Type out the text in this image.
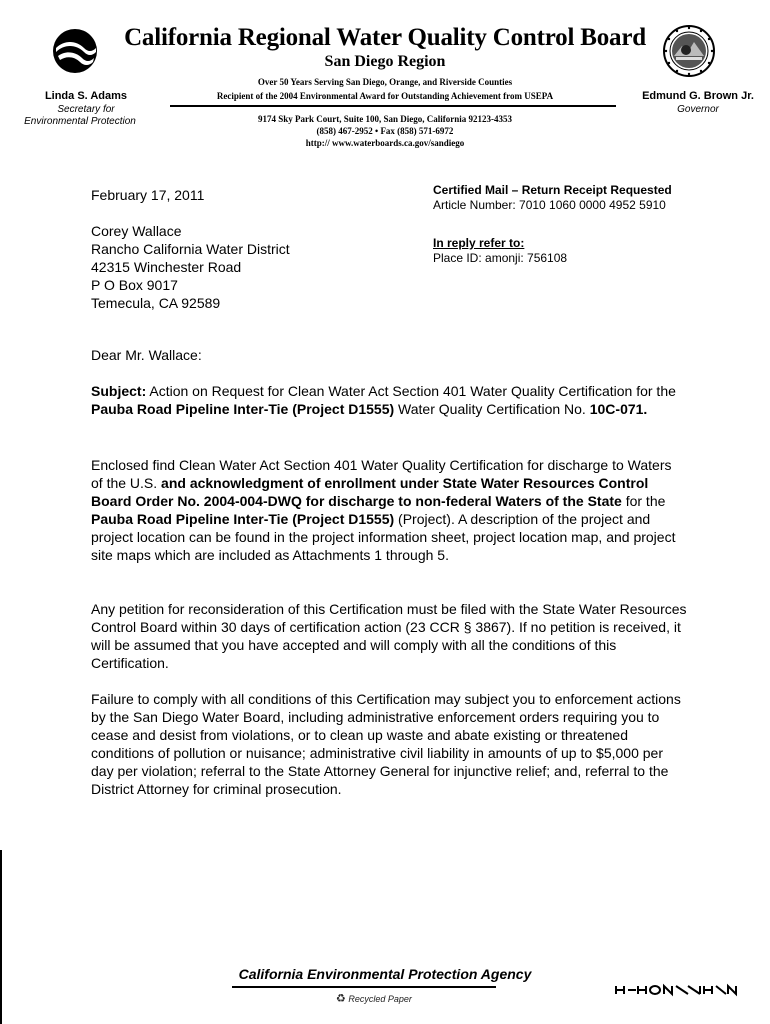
California Regional Water Quality Control Board
San Diego Region
Over 50 Years Serving San Diego, Orange, and Riverside Counties
Recipient of the 2004 Environmental Award for Outstanding Achievement from USEPA
9174 Sky Park Court, Suite 100, San Diego, California 92123-4353
(858) 467-2952 • Fax (858) 571-6972
http:// www.waterboards.ca.gov/sandiego
Linda S. Adams
Secretary for
Environmental Protection
Edmund G. Brown Jr.
Governor
February 17, 2011	Certified Mail – Return Receipt Requested
Article Number: 7010 1060 0000 4952 5910
In reply refer to:
Place ID: amonji: 756108
Corey Wallace
Rancho California Water District
42315 Winchester Road
P O Box 9017
Temecula, CA 92589
Dear Mr. Wallace:
Subject: Action on Request for Clean Water Act Section 401 Water Quality Certification for the Pauba Road Pipeline Inter-Tie (Project D1555) Water Quality Certification No. 10C-071.
Enclosed find Clean Water Act Section 401 Water Quality Certification for discharge to Waters of the U.S. and acknowledgment of enrollment under State Water Resources Control Board Order No. 2004-004-DWQ for discharge to non-federal Waters of the State for the Pauba Road Pipeline Inter-Tie (Project D1555) (Project). A description of the project and project location can be found in the project information sheet, project location map, and project site maps which are included as Attachments 1 through 5.
Any petition for reconsideration of this Certification must be filed with the State Water Resources Control Board within 30 days of certification action (23 CCR § 3867). If no petition is received, it will be assumed that you have accepted and will comply with all the conditions of this Certification.
Failure to comply with all conditions of this Certification may subject you to enforcement actions by the San Diego Water Board, including administrative enforcement orders requiring you to cease and desist from violations, or to clean up waste and abate existing or threatened conditions of pollution or nuisance; administrative civil liability in amounts of up to $5,000 per day per violation; referral to the State Attorney General for injunctive relief; and, referral to the District Attorney for criminal prosecution.
California Environmental Protection Agency
♻ Recycled Paper
